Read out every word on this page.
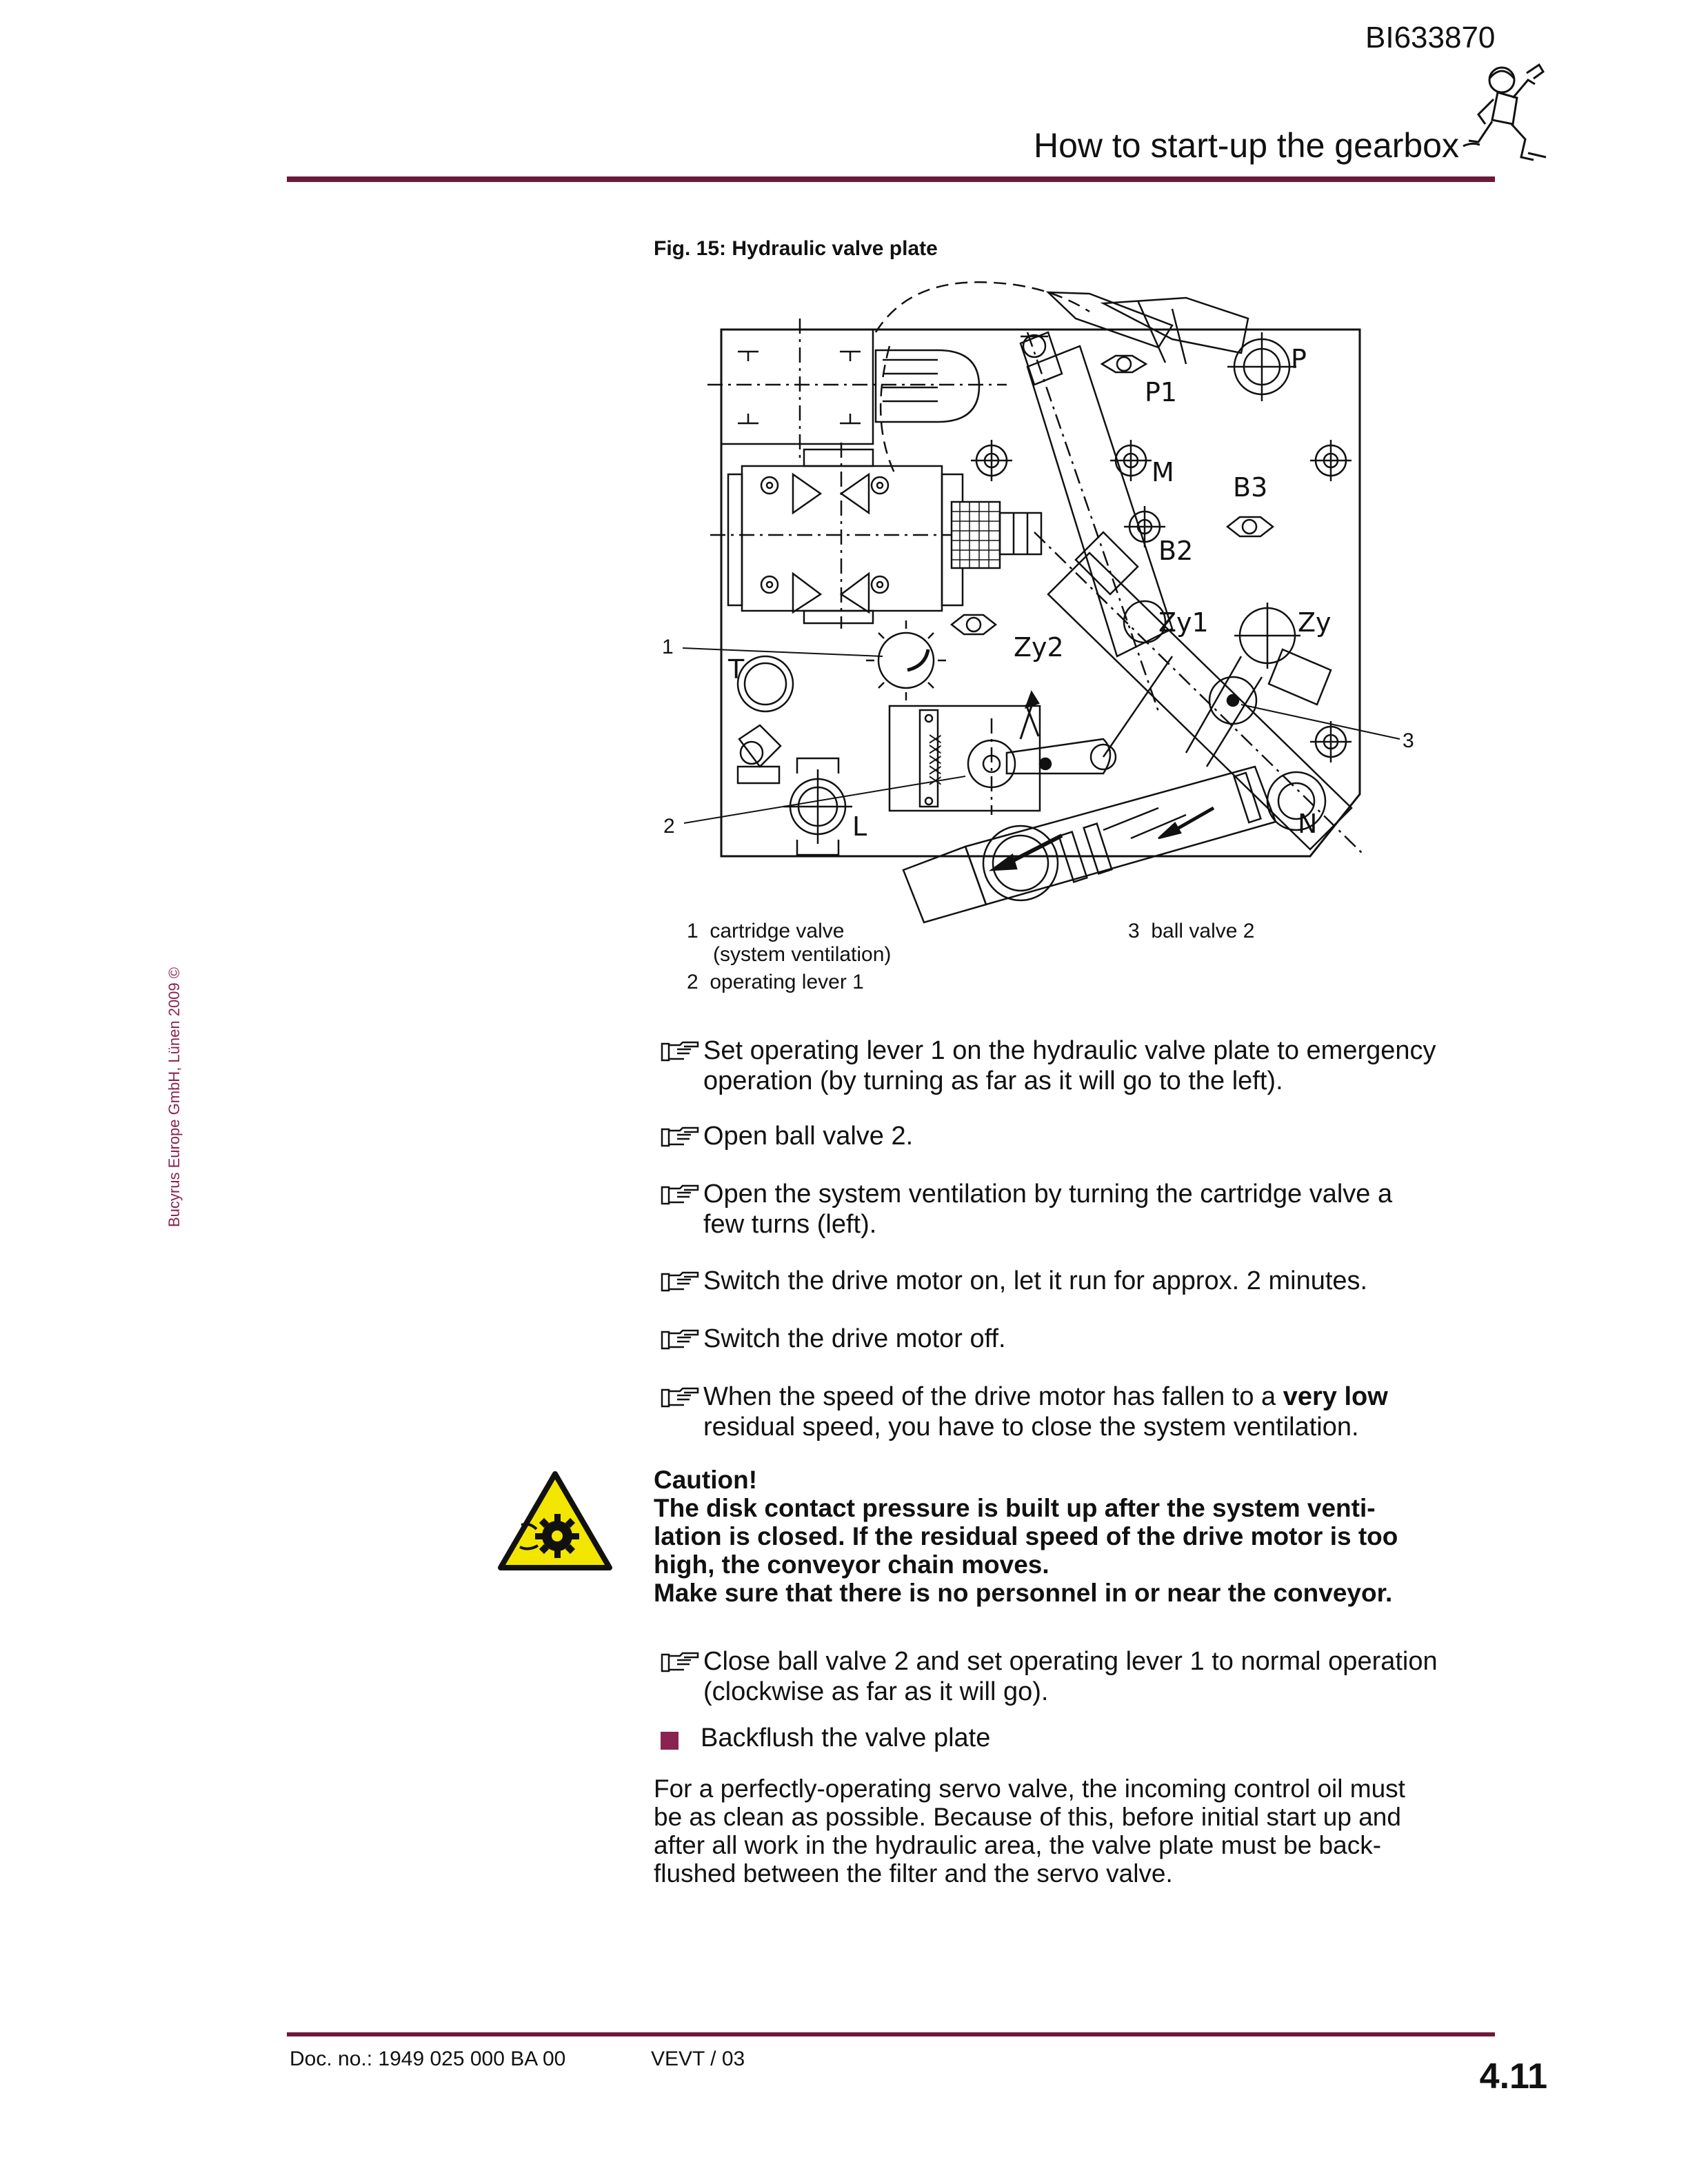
BI633870
How to start-up the gearbox
Bucyrus Europe GmbH, Lünen 2009 ©
Fig. 15: Hydraulic valve plate
P
P1
M
B2
B3
Zy
Zy1
Zy2
T
L	N
XXXXX
1
2
3
1 cartridge valve
(system ventilation)
2 operating lever 1
3 ball valve 2
Set operating lever 1 on the hydraulic valve plate to emergency
operation (by turning as far as it will go to the left).
Open ball valve 2.
Open the system ventilation by turning the cartridge valve a
few turns (left).
Switch the drive motor on, let it run for approx. 2 minutes.
Switch the drive motor off.
When the speed of the drive motor has fallen to a very low
residual speed, you have to close the system ventilation.
Caution!
The disk contact pressure is built up after the system venti-
lation is closed. If the residual speed of the drive motor is too
high, the conveyor chain moves.
Make sure that there is no personnel in or near the conveyor.
Close ball valve 2 and set operating lever 1 to normal operation
(clockwise as far as it will go).
Backflush the valve plate
For a perfectly-operating servo valve, the incoming control oil must
be as clean as possible. Because of this, before initial start up and
after all work in the hydraulic area, the valve plate must be back-
flushed between the filter and the servo valve.
Doc. no.: 1949 025 000 BA 00	VEVT / 03	4.11
